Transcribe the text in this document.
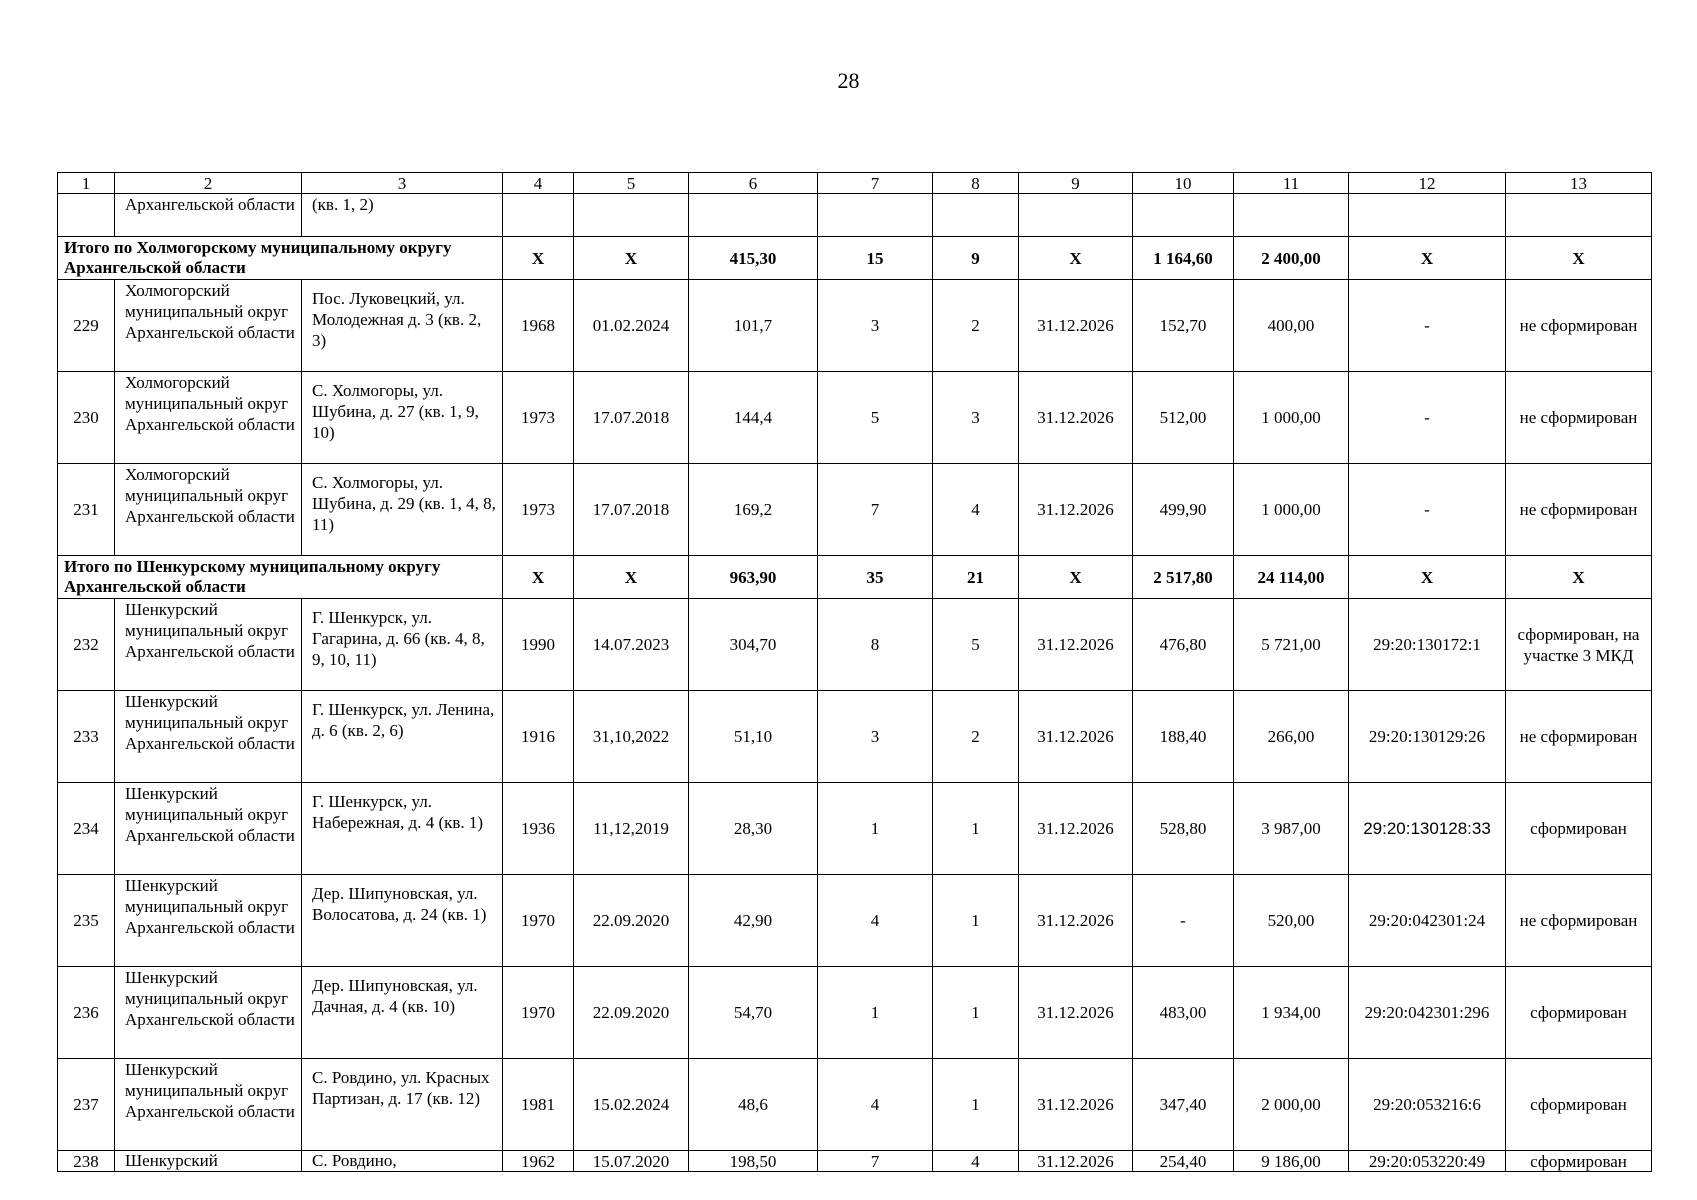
28
1	2	3	4	5	6	7	8	9	10	11	12	13
	Архангельской области	(кв. 1, 2)										
Итого по Холмогорскому муниципальному округу Архангельской области			X	X	415,30	15	9	X	1 164,60	2 400,00	X	X
229	Холмогорский муниципальный округ Архангельской области	Пос. Луковецкий, ул. Молодежная д. 3 (кв. 2, 3)	1968	01.02.2024	101,7	3	2	31.12.2026	152,70	400,00	-	не сформирован
230	Холмогорский муниципальный округ Архангельской области	С. Холмогоры, ул. Шубина, д. 27 (кв. 1, 9, 10)	1973	17.07.2018	144,4	5	3	31.12.2026	512,00	1 000,00	-	не сформирован
231	Холмогорский муниципальный округ Архангельской области	С. Холмогоры, ул. Шубина, д. 29 (кв. 1, 4, 8, 11)	1973	17.07.2018	169,2	7	4	31.12.2026	499,90	1 000,00	-	не сформирован
Итого по Шенкурскому муниципальному округу Архангельской области			X	X	963,90	35	21	X	2 517,80	24 114,00	X	X
232	Шенкурский муниципальный округ Архангельской области	Г. Шенкурск, ул. Гагарина, д. 66 (кв. 4, 8, 9, 10, 11)	1990	14.07.2023	304,70	8	5	31.12.2026	476,80	5 721,00	29:20:130172:1	сформирован, на участке 3 МКД
233	Шенкурский муниципальный округ Архангельской области	Г. Шенкурск, ул. Ленина, д. 6 (кв. 2, 6)	1916	31,10,2022	51,10	3	2	31.12.2026	188,40	266,00	29:20:130129:26	не сформирован
234	Шенкурский муниципальный округ Архангельской области	Г. Шенкурск, ул. Набережная, д. 4 (кв. 1)	1936	11,12,2019	28,30	1	1	31.12.2026	528,80	3 987,00	29:20:130128:33	сформирован
235	Шенкурский муниципальный округ Архангельской области	Дер. Шипуновская, ул. Волосатова, д. 24 (кв. 1)	1970	22.09.2020	42,90	4	1	31.12.2026	-	520,00	29:20:042301:24	не сформирован
236	Шенкурский муниципальный округ Архангельской области	Дер. Шипуновская, ул. Дачная, д. 4 (кв. 10)	1970	22.09.2020	54,70	1	1	31.12.2026	483,00	1 934,00	29:20:042301:296	сформирован
237	Шенкурский муниципальный округ Архангельской области	С. Ровдино, ул. Красных Партизан, д. 17 (кв. 12)	1981	15.02.2024	48,6	4	1	31.12.2026	347,40	2 000,00	29:20:053216:6	сформирован
238	Шенкурский	С. Ровдино,	1962	15.07.2020	198,50	7	4	31.12.2026	254,40	9 186,00	29:20:053220:49	сформирован
